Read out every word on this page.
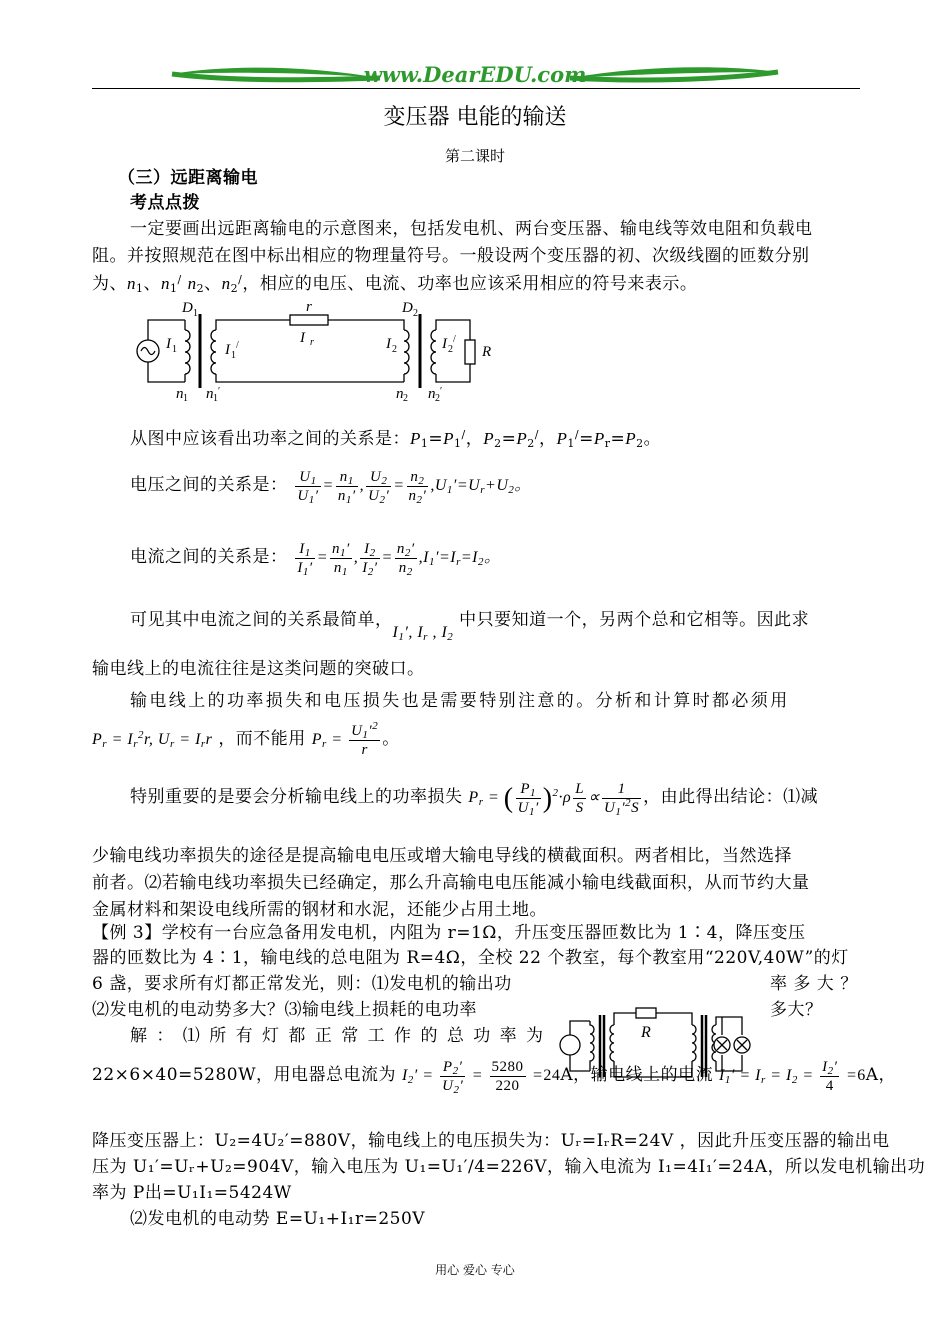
www.DearEDU.com
变压器 电能的输送
第二课时
（三）远距离输电
考点点拨
一定要画出远距离输电的示意图来，包括发电机、两台变压器、输电线等效电阻和负载电
阻。并按照规范在图中标出相应的物理量符号。一般设两个变压器的初、次级线圈的匝数分别
为、$n_1$、$n_1^/$ $n_2$、$n_2^/$，相应的电压、电流、功率也应该采用相应的符号来表示。
D 1	D 2
r
I r
I 1	I 1
/	I 2	I 2
/
R
n 1 n 1
′	n 2 n 2
′
从图中应该看出功率之间的关系是：$P_1=P_1^/$，$P_2=P_2^/$，$P_1^/=P_r=P_2$。
电压之间的关系是： $\frac{U_1}{U_1'} = \frac{n_1}{n_1'}$ , $\frac{U_2}{U_2'} = \frac{n_2}{n_2'} ,U_1'=U_r+U_2$。
电流之间的关系是： $\frac{I_1}{I_1'} = \frac{n_1'}{n_1}$ , $\frac{I_2}{I_2'} = \frac{n_2'}{n_2} ,I_1'=I_r=I_2$。
可见其中电流之间的关系最简单，$I_1'$, $I_r$ , $I_2$ 中只要知道一个，另两个总和它相等。因此求
输电线上的电流往往是这类问题的突破口。
输电线上的功率损失和电压损失也是需要特别注意的。分析和计算时都必须用
$P_r = I_r^2r$, $U_r = I_rr$ ，而不能用 $P_r = \frac{U_1'^2}{r}$ 。
特别重要的是要会分析输电线上的功率损失 $P_r$ = ( $\frac{P_1}{U_1'} )^2\cdot\rho \frac{L}{S} \propto \frac{1}{U_1'^2S}$ ，由此得出结论：⑴减
少输电线功率损失的途径是提高输电电压或增大输电导线的横截面积。两者相比，当然选择
前者。⑵若输电线功率损失已经确定，那么升高输电电压能减小输电线截面积，从而节约大量
金属材料和架设电线所需的钢材和水泥，还能少占用土地。
【例 3】学校有一台应急备用发电机，内阻为 r=1Ω，升压变压器匝数比为 1∶4，降压变压
器的匝数比为 4∶1，输电线的总电阻为 R=4Ω，全校 22 个教室，每个教室用“220V,40W”的灯
6 盏，要求所有灯都正常发光，则：⑴发电机的输出功	率 多 大 ？
⑵发电机的电动势多大？⑶输电线上损耗的电功率	多大？
解 ： ⑴ 所 有 灯 都 正 常 工 作 的 总 功 率 为	R
22×6×40=5280W，用电器总电流为 $I_2' = \frac{P_2'}{U_2'} = \frac{5280}{220} =24A$，输电线上的电流 $I_1' = I_r = I_2 = \frac{I_2'}{4} =6A$，
降压变压器上：U₂=4U₂′=880V，输电线上的电压损失为：Uᵣ=IᵣR=24V ，因此升压变压器的输出电
压为 U₁′=Uᵣ+U₂=904V，输入电压为 U₁=U₁′/4=226V，输入电流为 I₁=4I₁′=24A，所以发电机输出功
率为 P出=U₁I₁=5424W
⑵发电机的电动势 E=U₁+I₁r=250V
用心 爱心 专心
